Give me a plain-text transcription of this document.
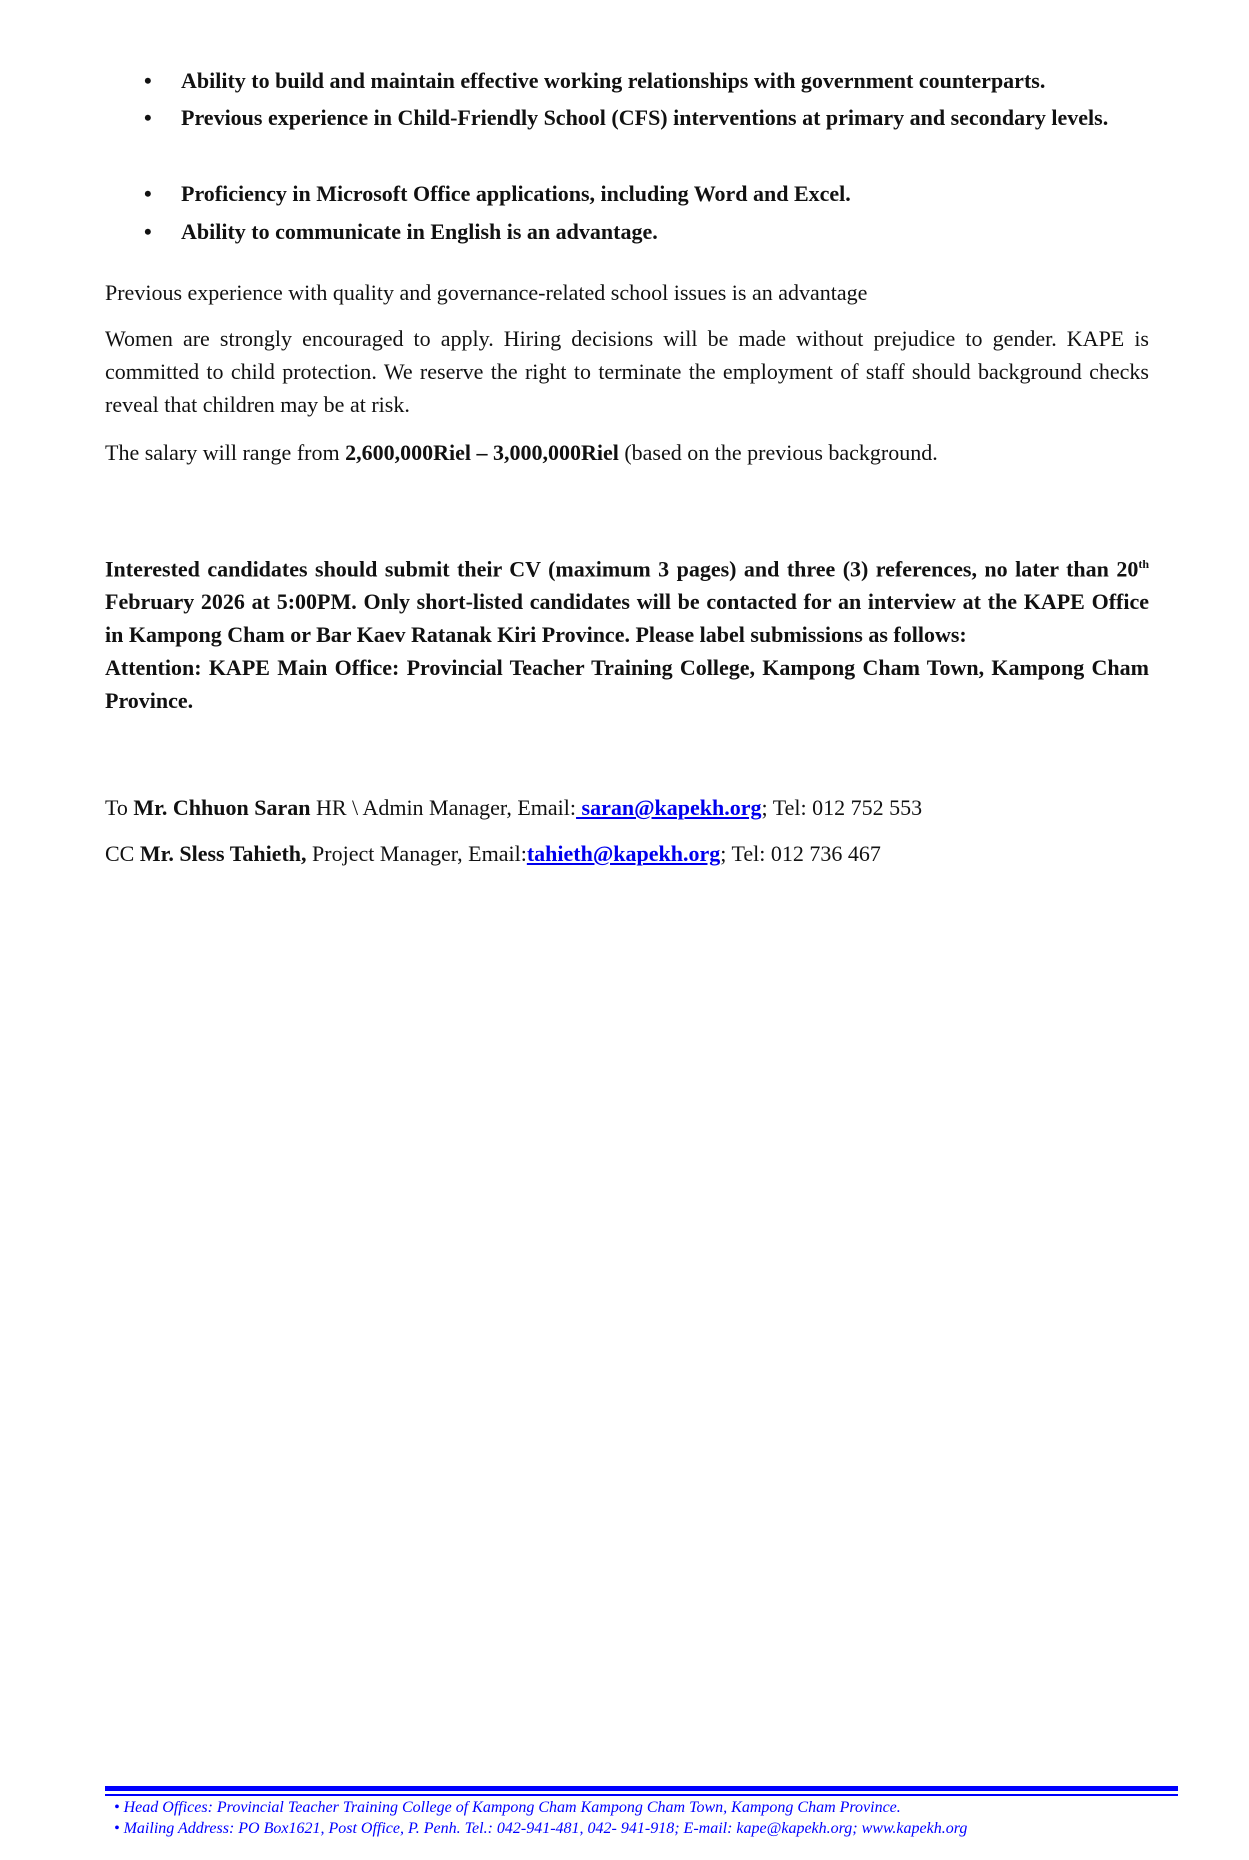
• Ability to build and maintain effective working relationships with government counterparts.
• Previous experience in Child-Friendly School (CFS) interventions at primary and secondary levels.
• Proficiency in Microsoft Office applications, including Word and Excel.
• Ability to communicate in English is an advantage.
Previous experience with quality and governance-related school issues is an advantage
Women are strongly encouraged to apply. Hiring decisions will be made without prejudice to gender. KAPE is committed to child protection. We reserve the right to terminate the employment of staff should background checks reveal that children may be at risk.
The salary will range from 2,600,000Riel – 3,000,000Riel (based on the previous background.
Interested candidates should submit their CV (maximum 3 pages) and three (3) references, no later than 20th February 2026 at 5:00PM. Only short-listed candidates will be contacted for an interview at the KAPE Office in Kampong Cham or Bar Kaev Ratanak Kiri Province. Please label submissions as follows:
Attention: KAPE Main Office: Provincial Teacher Training College, Kampong Cham Town, Kampong Cham Province.
To Mr. Chhuon Saran HR \ Admin Manager, Email: saran@kapekh.org; Tel: 012 752 553
CC Mr. Sless Tahieth, Project Manager, Email:tahieth@kapekh.org; Tel: 012 736 467
• Head Offices: Provincial Teacher Training College of Kampong Cham Kampong Cham Town, Kampong Cham Province.
• Mailing Address: PO Box1621, Post Office, P. Penh. Tel.: 042-941-481, 042- 941-918; E-mail: kape@kapekh.org; www.kapekh.org
